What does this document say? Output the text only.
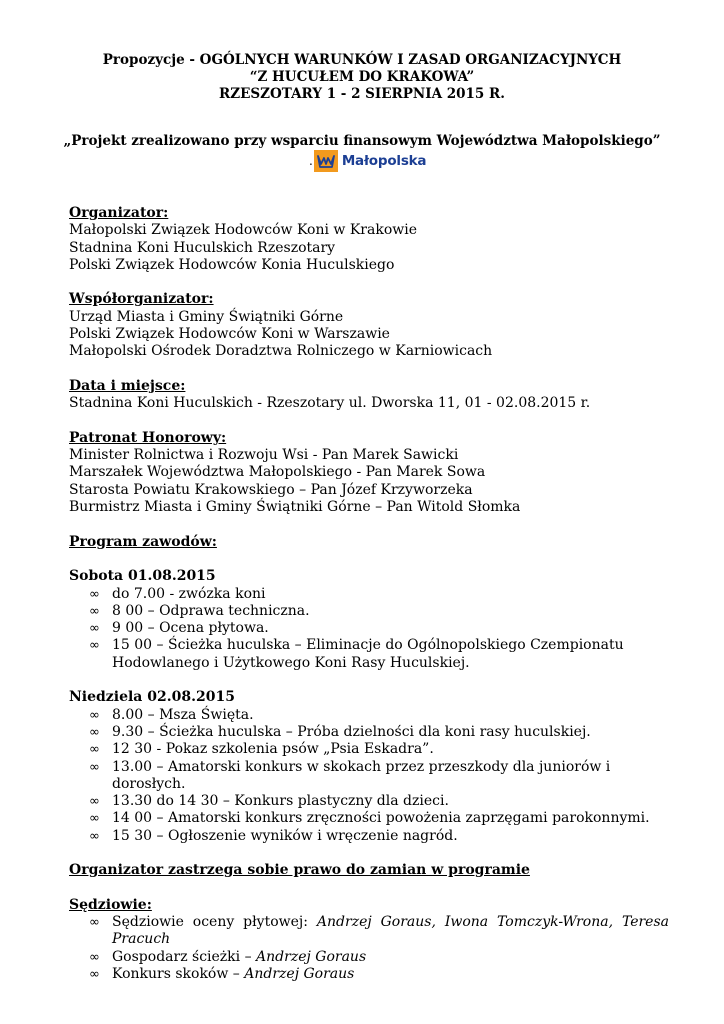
Propozycje - OGÓLNYCH WARUNKÓW I ZASAD ORGANIZACYJNYCH
“Z HUCUŁEM DO KRAKOWA”
RZESZOTARY 1 - 2 SIERPNIA 2015 R.
„Projekt zrealizowano przy wsparciu finansowym Województwa Małopolskiego”
. Małopolska
Organizator:
Małopolski Związek Hodowców Koni w Krakowie
Stadnina Koni Huculskich Rzeszotary
Polski Związek Hodowców Konia Huculskiego
Współorganizator:
Urząd Miasta i Gminy Świątniki Górne
Polski Związek Hodowców Koni w Warszawie
Małopolski Ośrodek Doradztwa Rolniczego w Karniowicach
Data i miejsce:
Stadnina Koni Huculskich - Rzeszotary ul. Dworska 11, 01 - 02.08.2015 r.
Patronat Honorowy:
Minister Rolnictwa i Rozwoju Wsi - Pan Marek Sawicki
Marszałek Województwa Małopolskiego - Pan Marek Sowa
Starosta Powiatu Krakowskiego – Pan Józef Krzyworzeka
Burmistrz Miasta i Gminy Świątniki Górne – Pan Witold Słomka
Program zawodów:
Sobota 01.08.2015
∞ do 7.00 - zwózka koni
∞ 8 00 – Odprawa techniczna.
∞ 9 00 – Ocena płytowa.
∞ 15 00 – Ścieżka huculska – Eliminacje do Ogólnopolskiego Czempionatu Hodowlanego i Użytkowego Koni Rasy Huculskiej.
Niedziela 02.08.2015
∞ 8.00 – Msza Święta.
∞ 9.30 – Ścieżka huculska – Próba dzielności dla koni rasy huculskiej.
∞ 12 30 - Pokaz szkolenia psów „Psia Eskadra”.
∞ 13.00 – Amatorski konkurs w skokach przez przeszkody dla juniorów i dorosłych.
∞ 13.30 do 14 30 – Konkurs plastyczny dla dzieci.
∞ 14 00 – Amatorski konkurs zręczności powożenia zaprzęgami parokonnymi.
∞ 15 30 – Ogłoszenie wyników i wręczenie nagród.
Organizator zastrzega sobie prawo do zamian w programie
Sędziowie:
∞ Sędziowie oceny płytowej: Andrzej Goraus, Iwona Tomczyk-Wrona, Teresa Pracuch
∞ Gospodarz ścieżki – Andrzej Goraus
∞ Konkurs skoków – Andrzej Goraus
